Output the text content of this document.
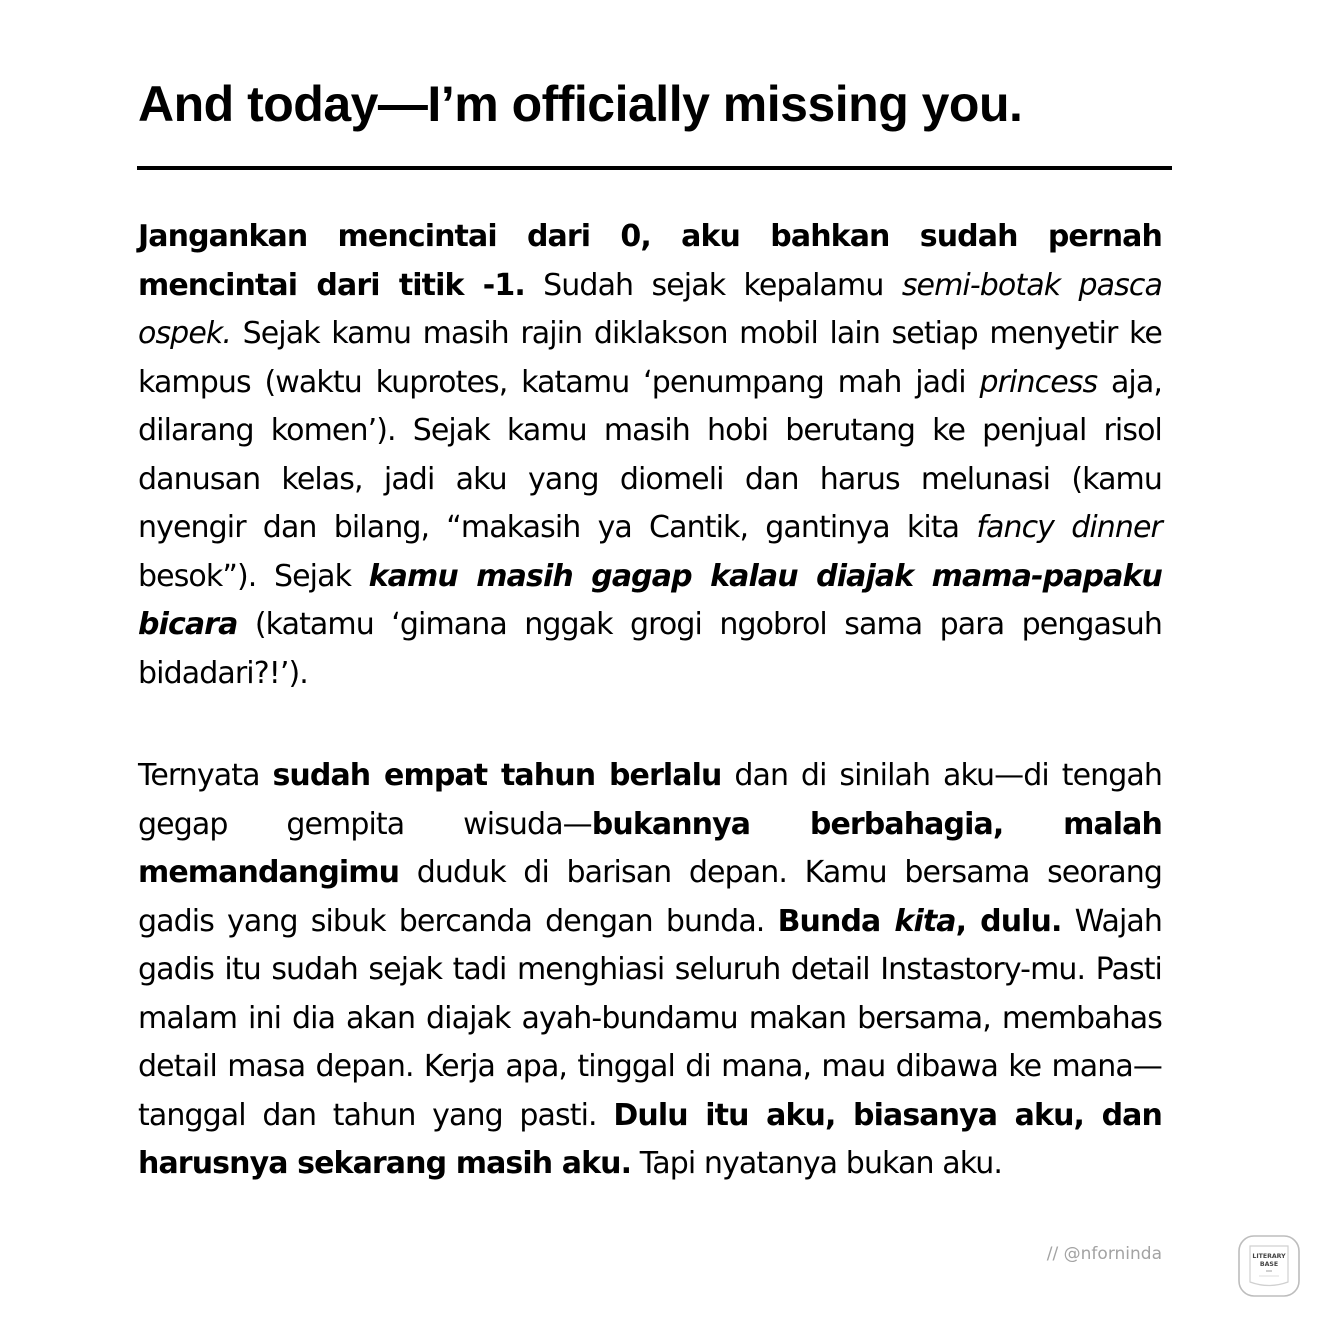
And today—I’m officially missing you.

Jangankan mencintai dari 0, aku bahkan sudah pernah mencintai dari titik -1. Sudah sejak kepalamu semi-botak pasca ospek. Sejak kamu masih rajin diklakson mobil lain setiap menyetir ke kampus (waktu kuprotes, katamu ‘penumpang mah jadi princess aja, dilarang komen’). Sejak kamu masih hobi berutang ke penjual risol danusan kelas, jadi aku yang diomeli dan harus melunasi (kamu nyengir dan bilang, “makasih ya Cantik, gantinya kita fancy dinner besok”). Sejak kamu masih gagap kalau diajak mama-papaku bicara (katamu ‘gimana nggak grogi ngobrol sama para pengasuh bidadari?!’).

Ternyata sudah empat tahun berlalu dan di sinilah aku—di tengah gegap gempita wisuda—bukannya berbahagia, malah memandangimu duduk di barisan depan. Kamu bersama seorang gadis yang sibuk bercanda dengan bunda. Bunda kita, dulu. Wajah gadis itu sudah sejak tadi menghiasi seluruh detail Instastory-mu. Pasti malam ini dia akan diajak ayah-bundamu makan bersama, membahas detail masa depan. Kerja apa, tinggal di mana, mau dibawa ke mana—tanggal dan tahun yang pasti. Dulu itu aku, biasanya aku, dan harusnya sekarang masih aku. Tapi nyatanya bukan aku.

// @nforninda	LITERARY
BASE
